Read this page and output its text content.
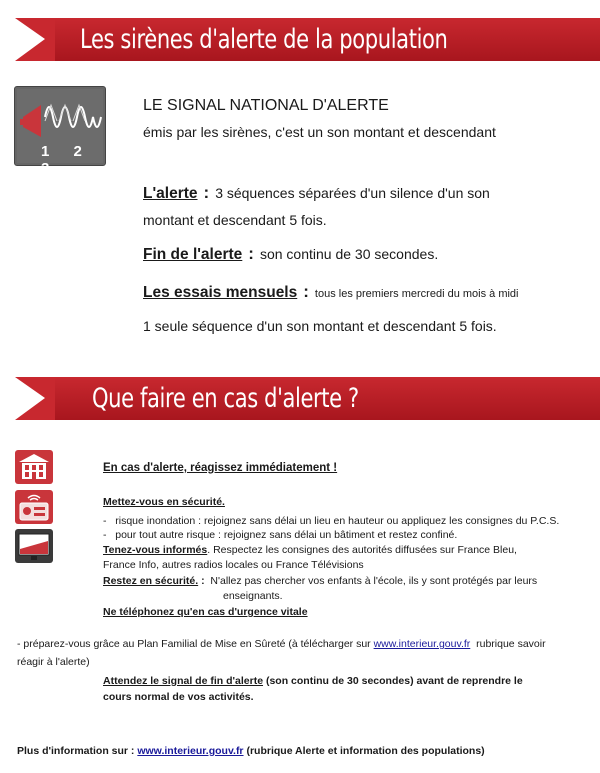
Les sirènes d'alerte de la population
1 2 3
LE SIGNAL NATIONAL D'ALERTE
émis par les sirènes, c'est un son montant et descendant
L'alerte : 3 séquences séparées d'un silence d'un son
montant et descendant 5 fois.
Fin de l'alerte : son continu de 30 secondes.
Les essais mensuels : tous les premiers mercredi du mois à midi
1 seule séquence d'un son montant et descendant 5 fois.
Que faire en cas d'alerte ?
En cas d'alerte, réagissez immédiatement !
Mettez-vous en sécurité.
-   risque inondation : rejoignez sans délai un lieu en hauteur ou appliquez les consignes du P.C.S.
-   pour tout autre risque : rejoignez sans délai un bâtiment et restez confiné.
Tenez-vous informés. Respectez les consignes des autorités diffusées sur France Bleu,
France Info, autres radios locales ou France Télévisions
Restez en sécurité. : N'allez pas chercher vos enfants à l'école, ils y sont protégés par leurs
enseignants.
Ne téléphonez qu'en cas d'urgence vitale
- préparez-vous grâce au Plan Familial de Mise en Sûreté (à télécharger sur www.interieur.gouv.fr rubrique savoir
réagir à l'alerte)
Attendez le signal de fin d'alerte (son continu de 30 secondes) avant de reprendre le
cours normal de vos activités.
Plus d'information sur : www.interieur.gouv.fr (rubrique Alerte et information des populations)
